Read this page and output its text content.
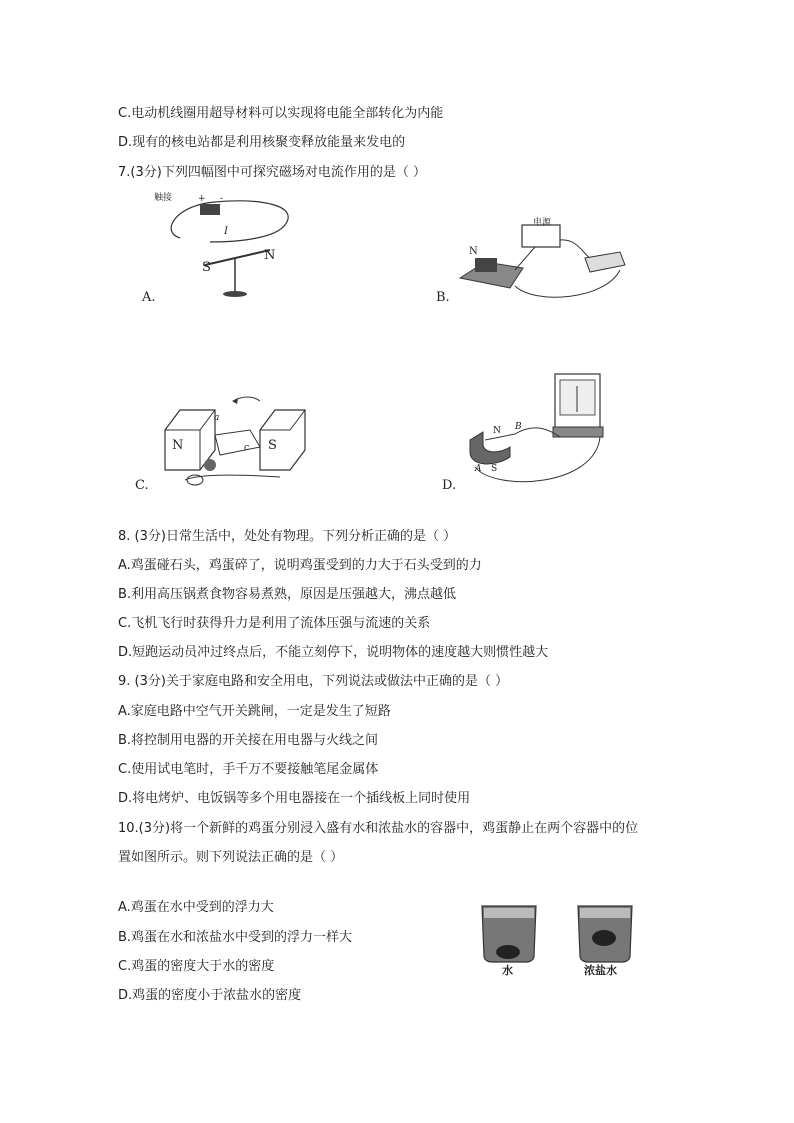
C.电动机线圈用超导材料可以实现将电能全部转化为内能
D.现有的核电站都是利用核聚变释放能量来发电的
7.(3分)下列四幅图中可探究磁场对电流作用的是（ ）
触接	+ -
I
S
N
A.
电源
N
B.
N	S
a
c
C.
N
A S
B
D.
8. (3分)日常生活中，处处有物理。下列分析正确的是（ ）
A.鸡蛋碰石头，鸡蛋碎了，说明鸡蛋受到的力大于石头受到的力
B.利用高压锅煮食物容易煮熟，原因是压强越大，沸点越低
C.飞机飞行时获得升力是利用了流体压强与流速的关系
D.短跑运动员冲过终点后，不能立刻停下，说明物体的速度越大则惯性越大
9. (3分)关于家庭电路和安全用电，下列说法或做法中正确的是（ ）
A.家庭电路中空气开关跳闸，一定是发生了短路
B.将控制用电器的开关接在用电器与火线之间
C.使用试电笔时，手千万不要接触笔尾金属体
D.将电烤炉、电饭锅等多个用电器接在一个插线板上同时使用
10.(3分)将一个新鲜的鸡蛋分别浸入盛有水和浓盐水的容器中，鸡蛋静止在两个容器中的位
置如图所示。则下列说法正确的是（ ）
A.鸡蛋在水中受到的浮力大
B.鸡蛋在水和浓盐水中受到的浮力一样大
C.鸡蛋的密度大于水的密度
D.鸡蛋的密度小于浓盐水的密度
水	浓盐水
